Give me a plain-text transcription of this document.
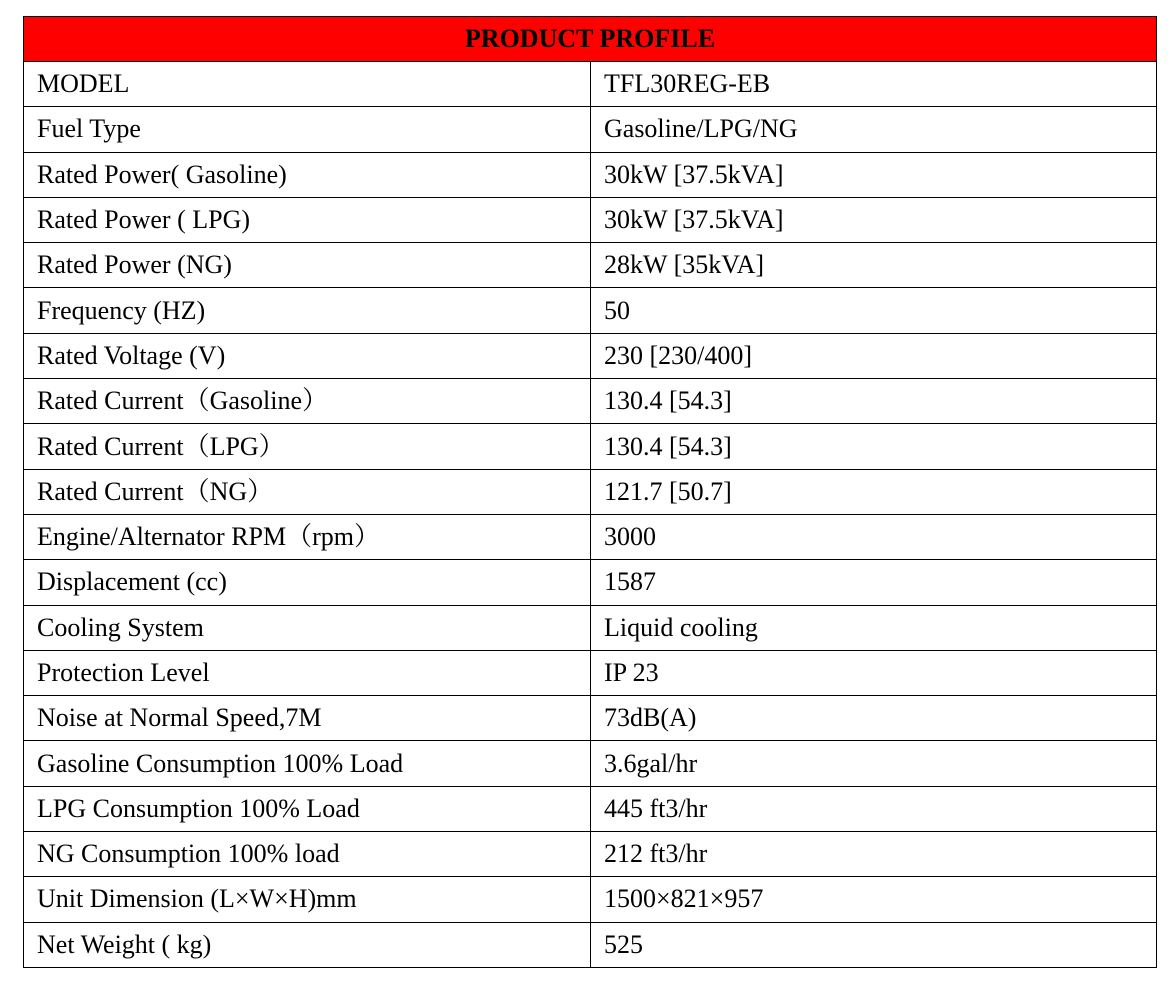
PRODUCT PROFILE	
MODEL	TFL30REG-EB
Fuel Type	Gasoline/LPG/NG
Rated Power( Gasoline)	30kW [37.5kVA]
Rated Power ( LPG)	30kW [37.5kVA]
Rated Power (NG)	28kW [35kVA]
Frequency (HZ)	50
Rated Voltage (V)	230 [230/400]
Rated Current（Gasoline）	130.4 [54.3]
Rated Current（LPG）	130.4 [54.3]
Rated Current（NG）	121.7 [50.7]
Engine/Alternator RPM（rpm）	3000
Displacement (cc)	1587
Cooling System	Liquid cooling
Protection Level	IP 23
Noise at Normal Speed,7M	73dB(A)
Gasoline Consumption 100% Load	3.6gal/hr
LPG Consumption 100% Load	445 ft3/hr
NG Consumption 100% load	212 ft3/hr
Unit Dimension (L×W×H)mm	1500×821×957
Net Weight ( kg)	525
